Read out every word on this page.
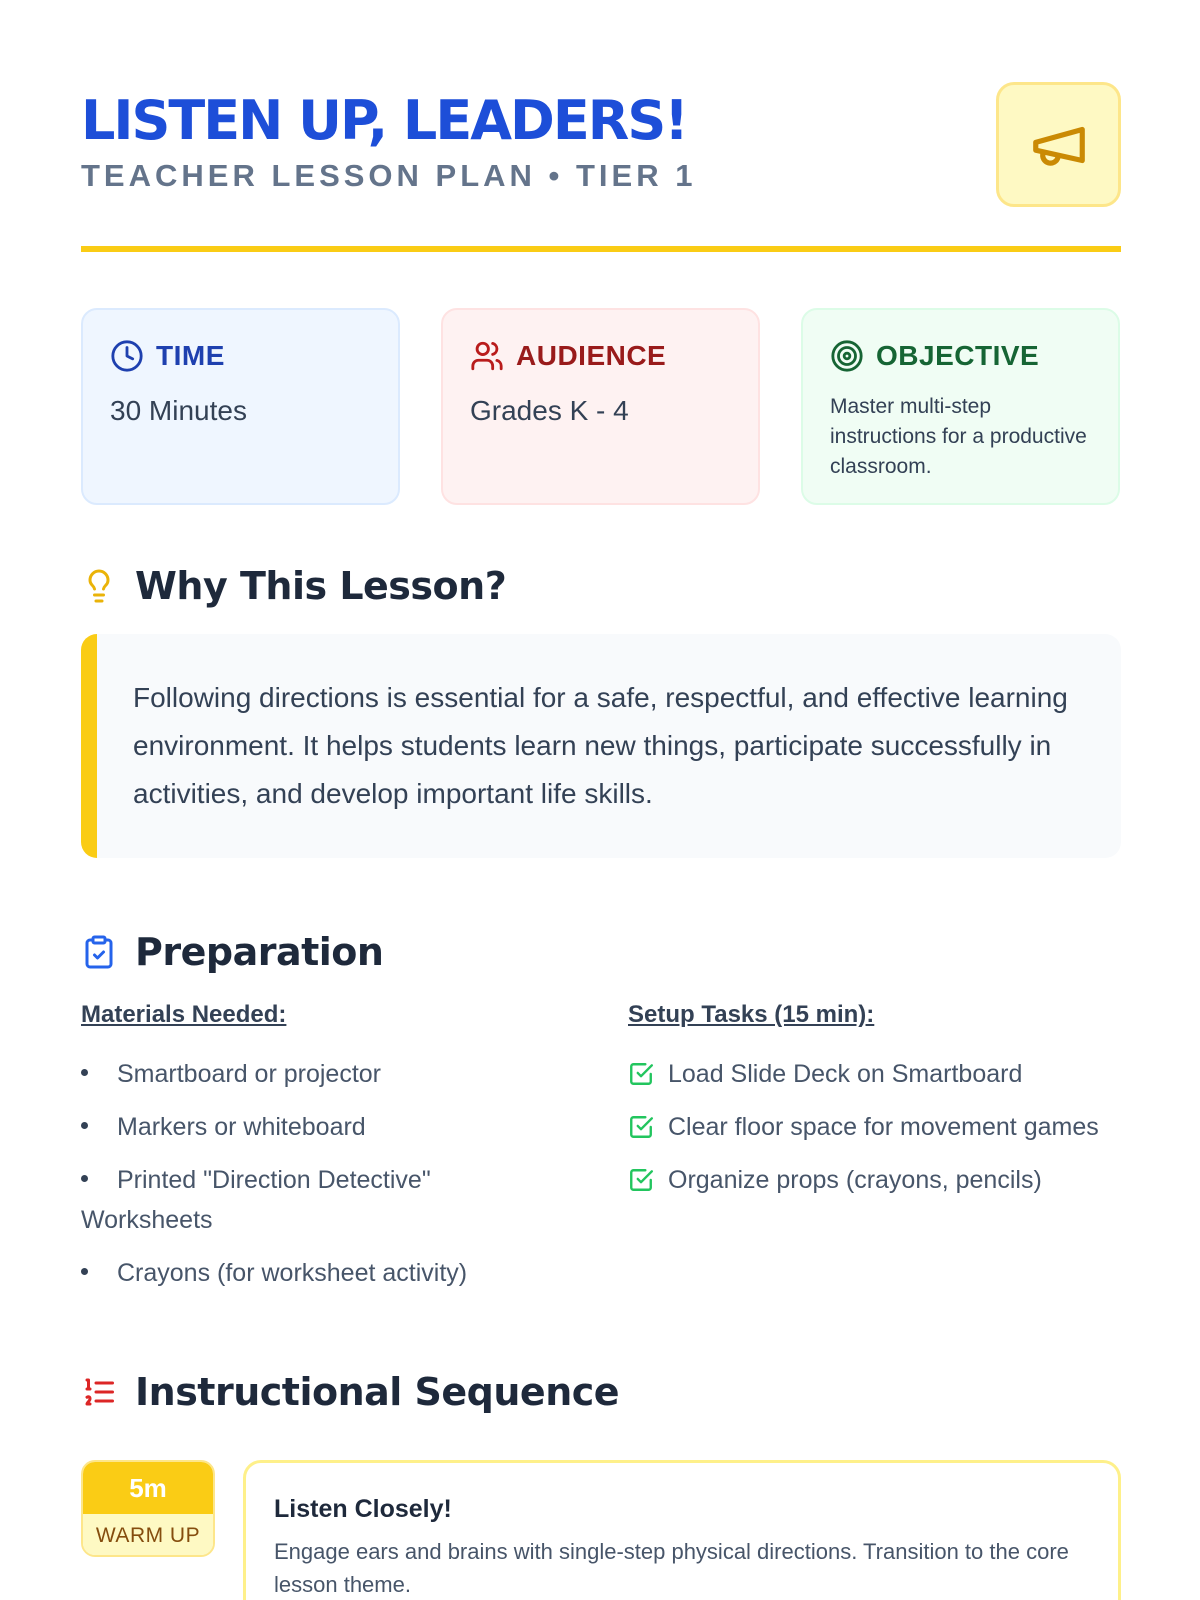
LISTEN UP, LEADERS!
TEACHER LESSON PLAN • TIER 1
TIME
30 Minutes
AUDIENCE
Grades K - 4
OBJECTIVE
Master multi-step instructions for a productive classroom.
Why This Lesson?

Following directions is essential for a safe, respectful, and effective learning environment. It helps students learn new things, participate successfully in activities, and develop important life skills.

Preparation
Materials Needed:
Smartboard or projector
Markers or whiteboard
Printed "Direction Detective" Worksheets
Crayons (for worksheet activity)
Setup Tasks (15 min):
Load Slide Deck on Smartboard
Clear floor space for movement games
Organize props (crayons, pencils)
Instructional Sequence
5m
WARM UP
Listen Closely!
Engage ears and brains with single-step physical directions. Transition to the core lesson theme.
